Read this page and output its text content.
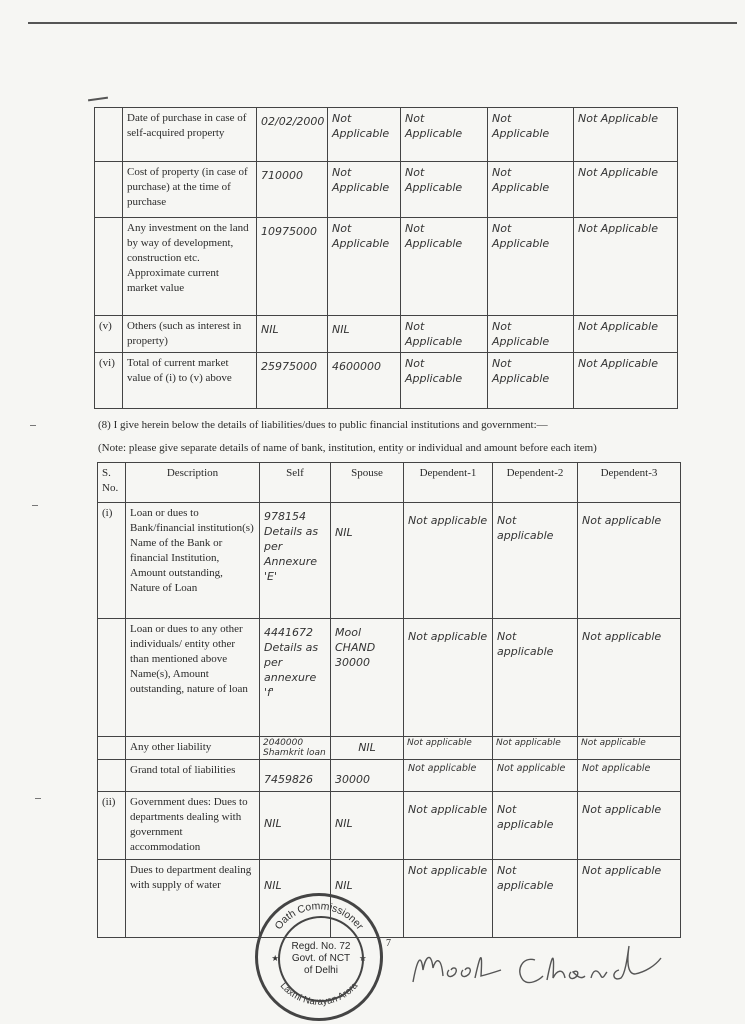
	Date of purchase in case of self-acquired property	02/02/2000	Not Applicable	Not Applicable	Not Applicable	Not Applicable
	Cost of property (in case of purchase) at the time of purchase	710000	Not Applicable	Not Applicable	Not Applicable	Not Applicable
	Any investment on the land by way of development, construction etc. Approximate current market value	10975000	Not Applicable	Not Applicable	Not Applicable	Not Applicable
(v)	Others (such as interest in property)	NIL	NIL	Not Applicable	Not Applicable	Not Applicable
(vi)	Total of current market value of (i) to (v) above	25975000	4600000	Not Applicable	Not Applicable	Not Applicable
(8) I give herein below the details of liabilities/dues to public financial institutions and government:—
(Note: please give separate details of name of bank, institution, entity or individual and amount before each item)
S. No.	Description	Self	Spouse	Dependent-1	Dependent-2	Dependent-3
(i)	Loan or dues to Bank/financial institution(s) Name of the Bank or financial Institution, Amount outstanding, Nature of Loan	978154 Details as per Annexure 'E'	NIL	Not applicable	Not applicable	Not applicable
	Loan or dues to any other individuals/ entity other than mentioned above Name(s), Amount outstanding, nature of loan	4441672 Details as per annexure 'f'	Mool CHAND 30000	Not applicable	Not applicable	Not applicable
	Any other liability	2040000 Shamkrit loan	NIL	Not applicable	Not applicable	Not applicable
	Grand total of liabilities	7459826	30000	Not applicable	Not applicable	Not applicable
(ii)	Government dues: Dues to departments dealing with government accommodation	NIL	NIL	Not applicable	Not applicable	Not applicable
	Dues to department dealing with supply of water	NIL	NIL	Not applicable	Not applicable	Not applicable
Oath Commissioner
Laxmi Narayan Arora
★	★
Regd. No. 72
Govt. of NCT
of Delhi
7
Mool Chand
